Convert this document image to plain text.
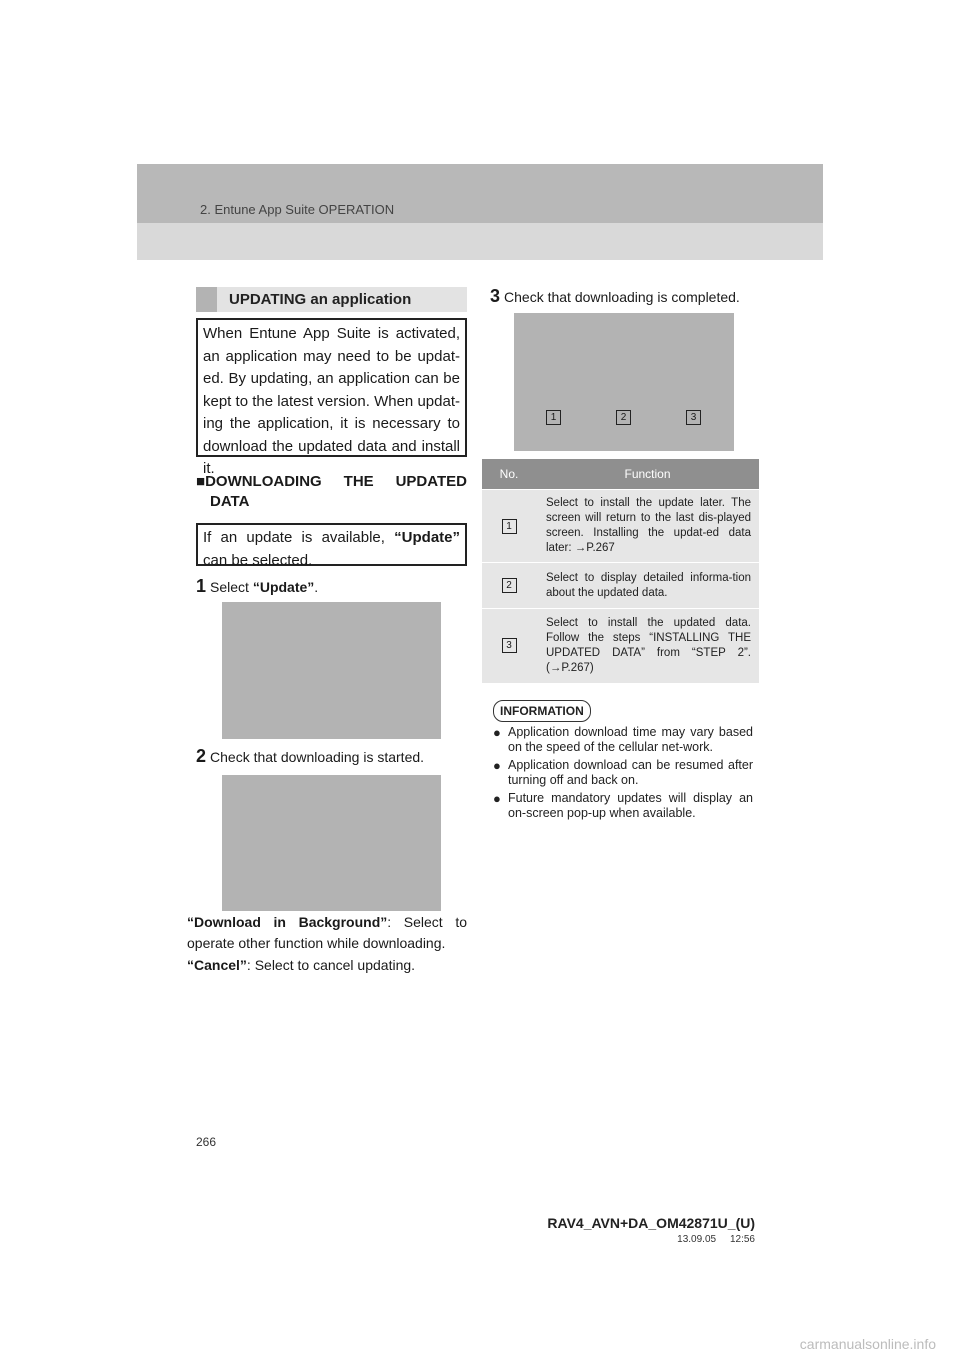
2. Entune App Suite OPERATION
UPDATING an application
When Entune App Suite is activated, an application may need to be updat-ed. By updating, an application can be kept to the latest version. When updat-ing the application, it is necessary to download the updated data and install it.
■DOWNLOADING THE UPDATED
DATA
If an update is available, “Update” can be selected.
1 Select “Update”.
2 Check that downloading is started.
“Download in Background”: Select to operate other function while downloading.
“Cancel”: Select to cancel updating.
3 Check that downloading is completed.
1	2	3
No.	Function
1	Select to install the update later. The screen will return to the last dis-played screen. Installing the updat-ed data later: →P.267
2	Select to display detailed informa-tion about the updated data.
3	Select to install the updated data. Follow the steps “INSTALLING THE UPDATED DATA” from “STEP 2”. (→P.267)
INFORMATION
● Application download time may vary based on the speed of the cellular net-work.
● Application download can be resumed after turning off and back on.
● Future mandatory updates will display an on-screen pop-up when available.
266
RAV4_AVN+DA_OM42871U_(U)
13.09.05     12:56
carmanualsonline.info
